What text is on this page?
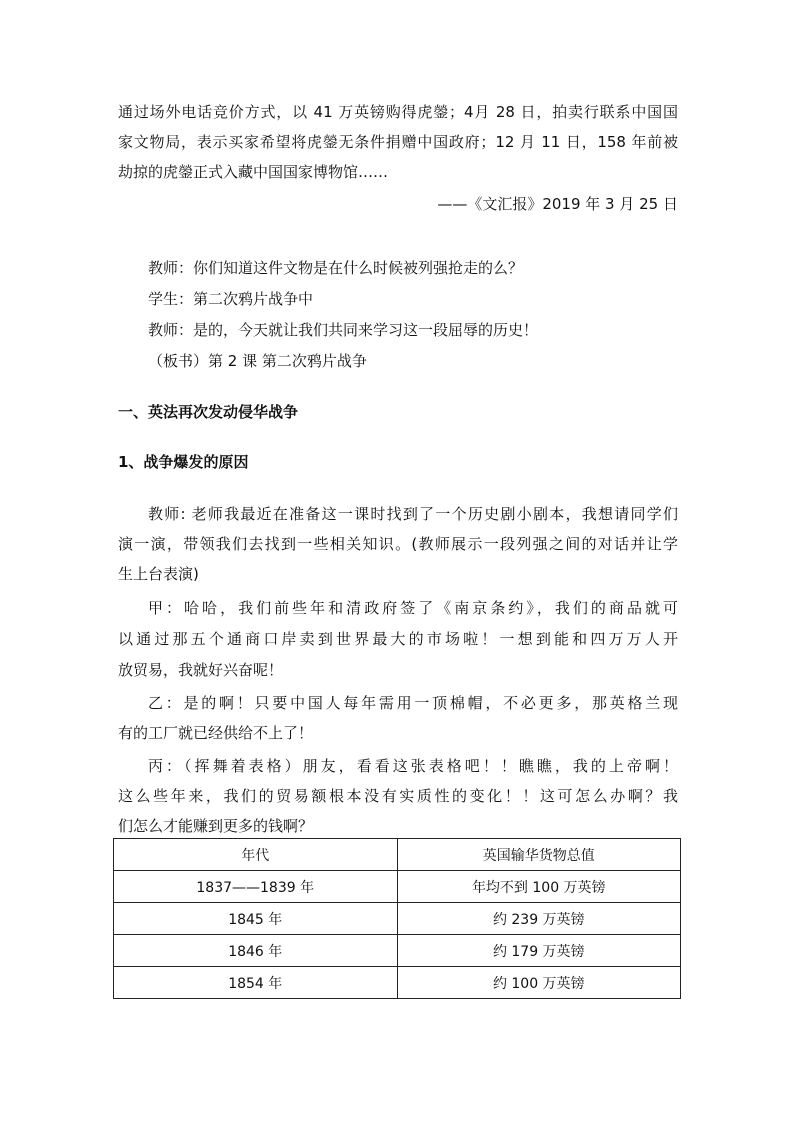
通过场外电话竞价方式，以 41 万英镑购得虎鎣；4月 28 日，拍卖行联系中国国
家文物局，表示买家希望将虎鎣无条件捐赠中国政府；12 月 11 日，158 年前被
劫掠的虎鎣正式入藏中国国家博物馆……
——《文汇报》2019 年 3 月 25 日
教师：你们知道这件文物是在什么时候被列强抢走的么？
学生：第二次鸦片战争中
教师：是的，今天就让我们共同来学习这一段屈辱的历史！
（板书）第 2 课 第二次鸦片战争
一、英法再次发动侵华战争
1、战争爆发的原因
教师: 老师我最近在准备这一课时找到了一个历史剧小剧本，我想请同学们
演一演，带领我们去找到一些相关知识。(教师展示一段列强之间的对话并让学
生上台表演)
甲：哈哈，我们前些年和清政府签了《南京条约》，我们的商品就可
以通过那五个通商口岸卖到世界最大的市场啦！一想到能和四万万人开
放贸易，我就好兴奋呢！
乙：是的啊！只要中国人每年需用一顶棉帽，不必更多，那英格兰现
有的工厂就已经供给不上了！
丙：（挥舞着表格）朋友，看看这张表格吧！！瞧瞧，我的上帝啊！
这么些年来，我们的贸易额根本没有实质性的变化！！这可怎么办啊？我
们怎么才能赚到更多的钱啊？
年代	英国输华货物总值
1837——1839 年	年均不到 100 万英镑
1845 年	约 239 万英镑
1846 年	约 179 万英镑
1854 年	约 100 万英镑
